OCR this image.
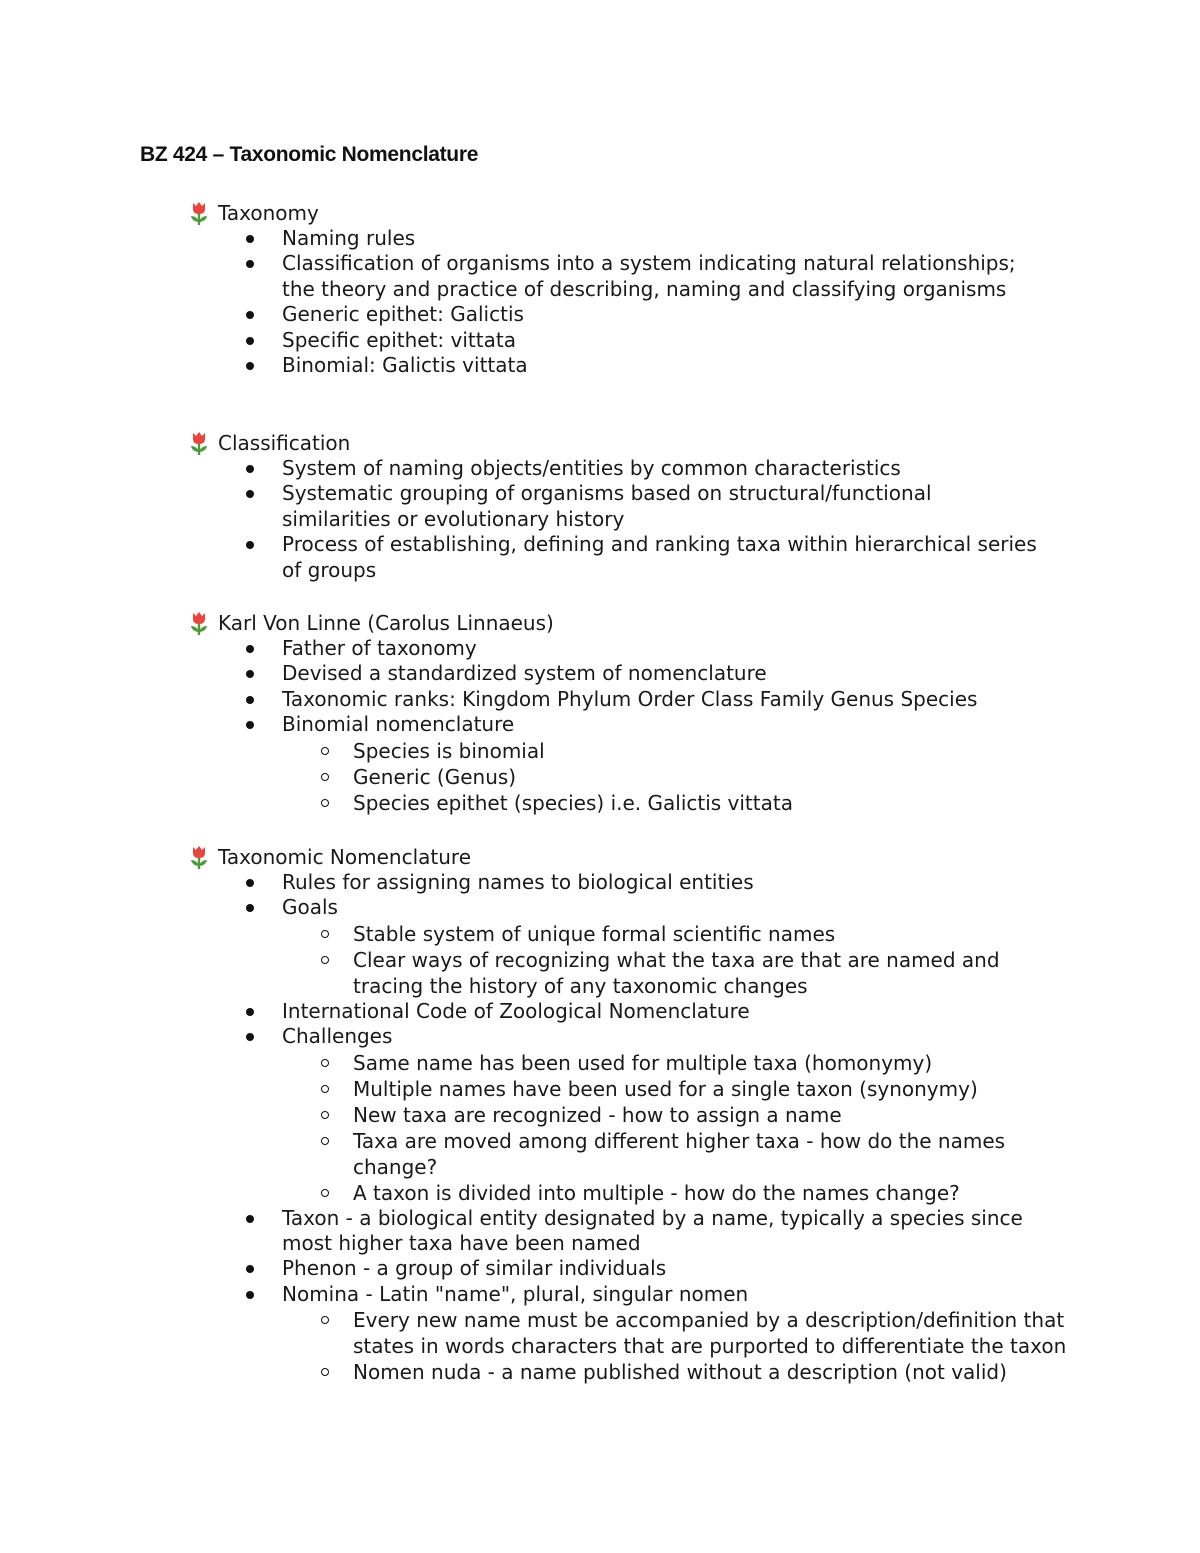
BZ 424 – Taxonomic Nomenclature
Taxonomy
Naming rules
Classification of organisms into a system indicating natural relationships; the theory and practice of describing, naming and classifying organisms
Generic epithet: Galictis
Specific epithet: vittata
Binomial: Galictis vittata
Classification
System of naming objects/entities by common characteristics
Systematic grouping of organisms based on structural/functional similarities or evolutionary history
Process of establishing, defining and ranking taxa within hierarchical series of groups
Karl Von Linne (Carolus Linnaeus)
Father of taxonomy
Devised a standardized system of nomenclature
Taxonomic ranks: Kingdom Phylum Order Class Family Genus Species
Binomial nomenclature
Species is binomial
Generic (Genus)
Species epithet (species) i.e. Galictis vittata
Taxonomic Nomenclature
Rules for assigning names to biological entities
Goals
Stable system of unique formal scientific names
Clear ways of recognizing what the taxa are that are named and tracing the history of any taxonomic changes
International Code of Zoological Nomenclature
Challenges
Same name has been used for multiple taxa (homonymy)
Multiple names have been used for a single taxon (synonymy)
New taxa are recognized - how to assign a name
Taxa are moved among different higher taxa - how do the names change?
A taxon is divided into multiple - how do the names change?
Taxon - a biological entity designated by a name, typically a species since most higher taxa have been named
Phenon - a group of similar individuals
Nomina - Latin "name", plural, singular nomen
Every new name must be accompanied by a description/definition that states in words characters that are purported to differentiate the taxon
Nomen nuda - a name published without a description (not valid)
